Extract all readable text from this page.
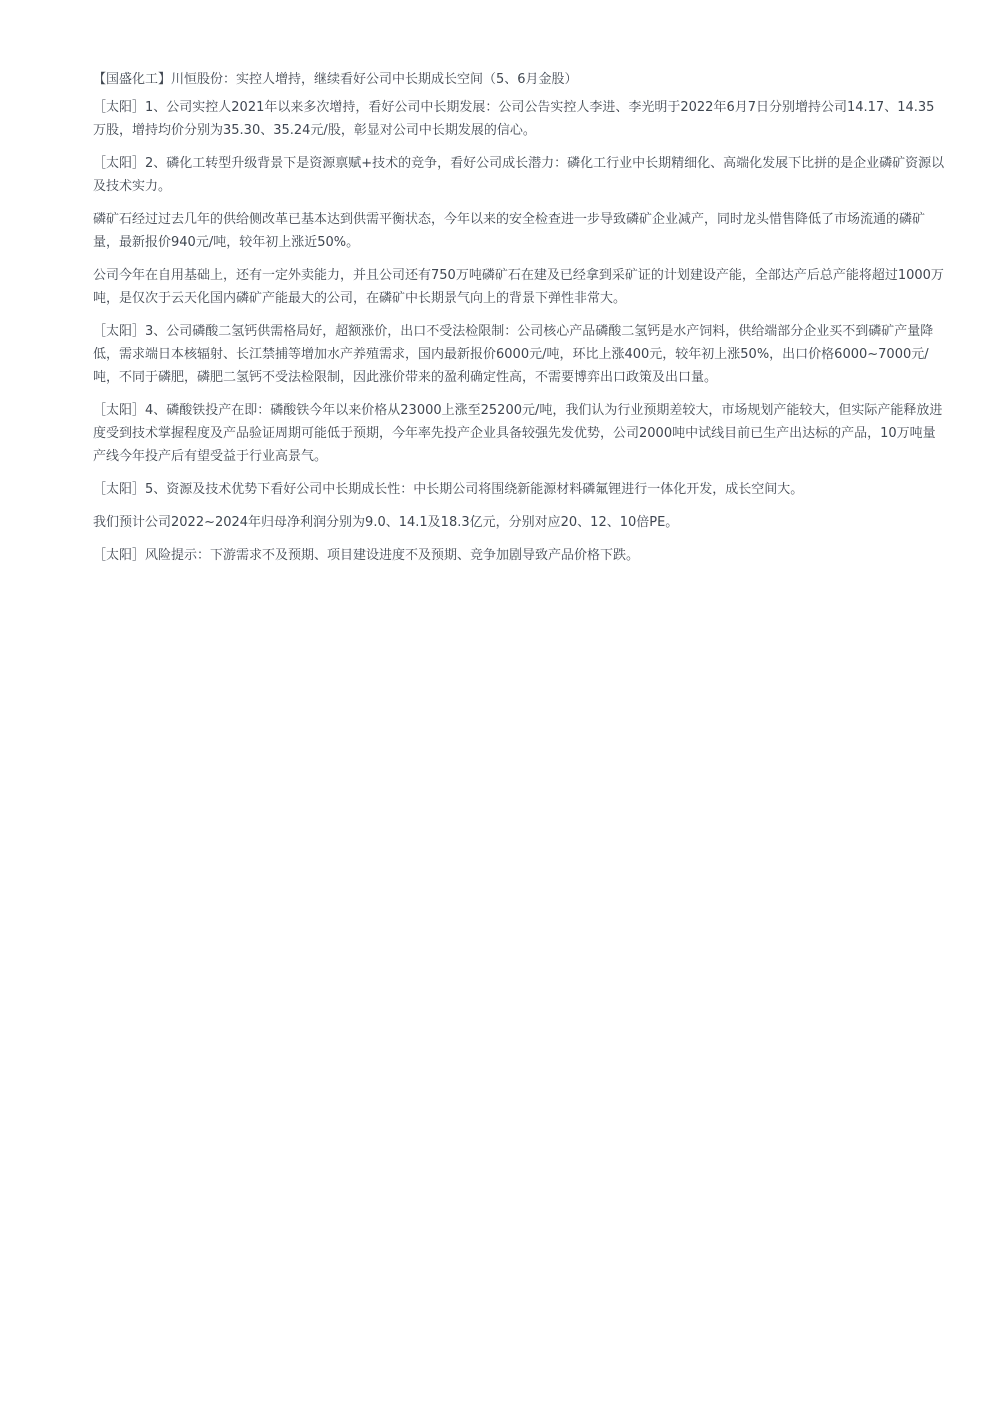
【国盛化工】川恒股份：实控人增持，继续看好公司中长期成长空间（5、6月金股）

［太阳］1、公司实控人2021年以来多次增持，看好公司中长期发展：公司公告实控人李进、李光明于2022年6月7日分别增持公司14.17、14.35万股，增持均价分别为35.30、35.24元/股，彰显对公司中长期发展的信心。

［太阳］2、磷化工转型升级背景下是资源禀赋+技术的竞争，看好公司成长潜力：磷化工行业中长期精细化、高端化发展下比拼的是企业磷矿资源以及技术实力。

磷矿石经过过去几年的供给侧改革已基本达到供需平衡状态，今年以来的安全检查进一步导致磷矿企业减产，同时龙头惜售降低了市场流通的磷矿量，最新报价940元/吨，较年初上涨近50%。

公司今年在自用基础上，还有一定外卖能力，并且公司还有750万吨磷矿石在建及已经拿到采矿证的计划建设产能，全部达产后总产能将超过1000万吨，是仅次于云天化国内磷矿产能最大的公司，在磷矿中长期景气向上的背景下弹性非常大。

［太阳］3、公司磷酸二氢钙供需格局好，超额涨价，出口不受法检限制：公司核心产品磷酸二氢钙是水产饲料，供给端部分企业买不到磷矿产量降低，需求端日本核辐射、长江禁捕等增加水产养殖需求，国内最新报价6000元/吨，环比上涨400元，较年初上涨50%，出口价格6000~7000元/吨，不同于磷肥，磷肥二氢钙不受法检限制，因此涨价带来的盈利确定性高，不需要博弈出口政策及出口量。

［太阳］4、磷酸铁投产在即：磷酸铁今年以来价格从23000上涨至25200元/吨，我们认为行业预期差较大，市场规划产能较大，但实际产能释放进度受到技术掌握程度及产品验证周期可能低于预期，今年率先投产企业具备较强先发优势，公司2000吨中试线目前已生产出达标的产品，10万吨量产线今年投产后有望受益于行业高景气。

［太阳］5、资源及技术优势下看好公司中长期成长性：中长期公司将围绕新能源材料磷氟锂进行一体化开发，成长空间大。

我们预计公司2022~2024年归母净利润分别为9.0、14.1及18.3亿元，分别对应20、12、10倍PE。

［太阳］风险提示：下游需求不及预期、项目建设进度不及预期、竞争加剧导致产品价格下跌。
